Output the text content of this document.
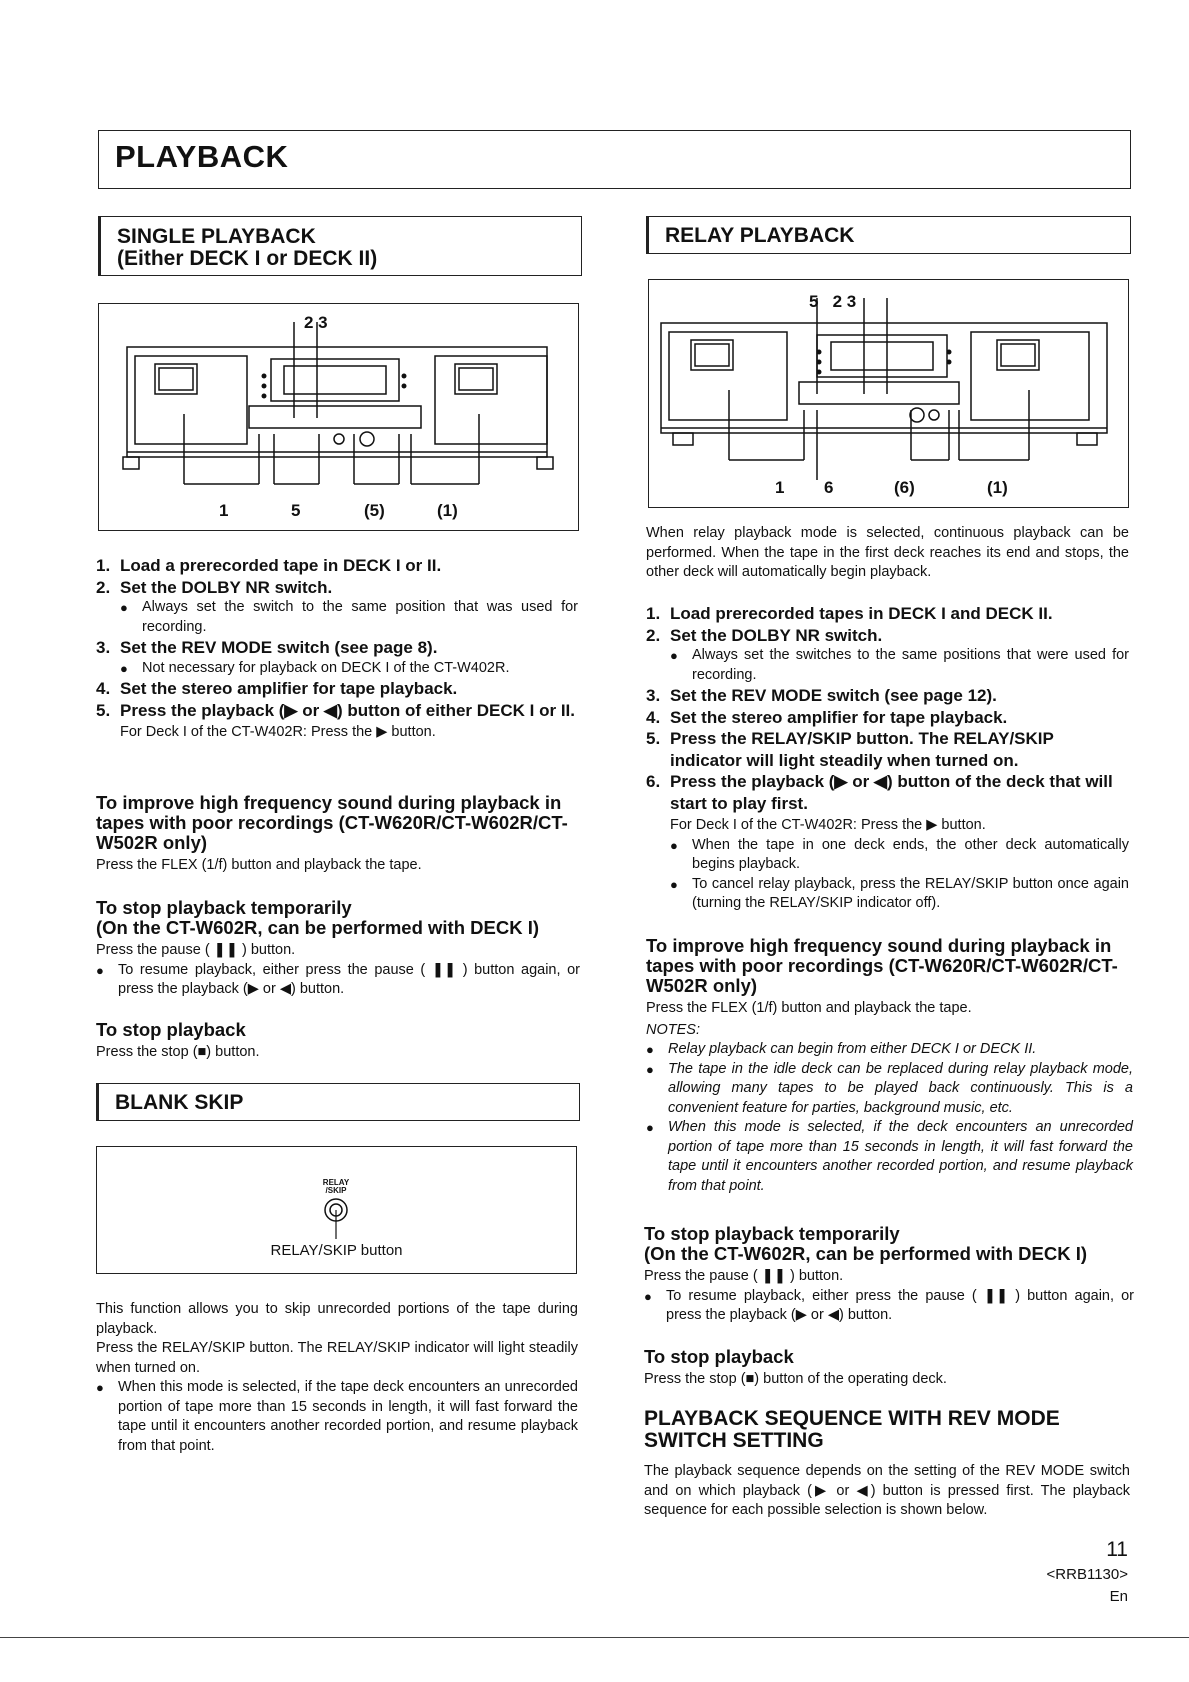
PLAYBACK
SINGLE PLAYBACK
(Either DECK I or DECK II)
2 3
1	5	(5)	(1)

1. Load a prerecorded tape in DECK I or II.

2. Set the DOLBY NR switch.

● Always set the switch to the same position that was used for recording.

3. Set the REV MODE switch (see page 8).

● Not necessary for playback on DECK I of the CT-W402R.

4. Set the stereo amplifier for tape playback.

5. Press the playback (▶ or ◀) button of either DECK I or II.

For Deck I of the CT-W402R: Press the ▶ button.

To improve high frequency sound during playback in tapes with poor recordings (CT-W620R/CT-W602R/CT-W502R only)

Press the FLEX (1/f) button and playback the tape.

To stop playback temporarily

(On the CT-W602R, can be performed with DECK I)

Press the pause ( ❚❚ ) button.

● To resume playback, either press the pause ( ❚❚ ) button again, or press the playback (▶ or ◀) button.

To stop playback

Press the stop (■) button.

BLANK SKIP
RELAY
/SKIP
RELAY/SKIP button

This function allows you to skip unrecorded portions of the tape during playback.

Press the RELAY/SKIP button. The RELAY/SKIP indicator will light steadily when turned on.

● When this mode is selected, if the tape deck encounters an unrecorded portion of tape more than 15 seconds in length, it will fast forward the tape until it encounters another recorded portion, and resume playback from that point.

RELAY PLAYBACK
5   2 3
1 6	(6)	(1)

When relay playback mode is selected, continuous playback can be performed. When the tape in the first deck reaches its end and stops, the other deck will automatically begin playback.

1. Load prerecorded tapes in DECK I and DECK II.

2. Set the DOLBY NR switch.

● Always set the switches to the same positions that were used for recording.

3. Set the REV MODE switch (see page 12).

4. Set the stereo amplifier for tape playback.

5. Press the RELAY/SKIP button. The RELAY/SKIP indicator will light steadily when turned on.

6. Press the playback (▶ or ◀) button of the deck that will start to play first.

For Deck I of the CT-W402R: Press the ▶ button.

● When the tape in one deck ends, the other deck automatically begins playback.

● To cancel relay playback, press the RELAY/SKIP button once again (turning the RELAY/SKIP indicator off).

To improve high frequency sound during playback in tapes with poor recordings (CT-W620R/CT-W602R/CT-W502R only)

Press the FLEX (1/f) button and playback the tape.

NOTES:

● Relay playback can begin from either DECK I or DECK II.

● The tape in the idle deck can be replaced during relay playback mode, allowing many tapes to be played back continuously. This is a convenient feature for parties, background music, etc.

● When this mode is selected, if the deck encounters an unrecorded portion of tape more than 15 seconds in length, it will fast forward the tape until it encounters another recorded portion, and resume playback from that point.

To stop playback temporarily

(On the CT-W602R, can be performed with DECK I)

Press the pause ( ❚❚ ) button.

● To resume playback, either press the pause ( ❚❚ ) button again, or press the playback (▶ or ◀) button.

To stop playback

Press the stop (■) button of the operating deck.

PLAYBACK SEQUENCE WITH REV MODE SWITCH SETTING

The playback sequence depends on the setting of the REV MODE switch and on which playback (▶ or ◀) button is pressed first. The playback sequence for each possible selection is shown below.

11
<RRB1130>
En
